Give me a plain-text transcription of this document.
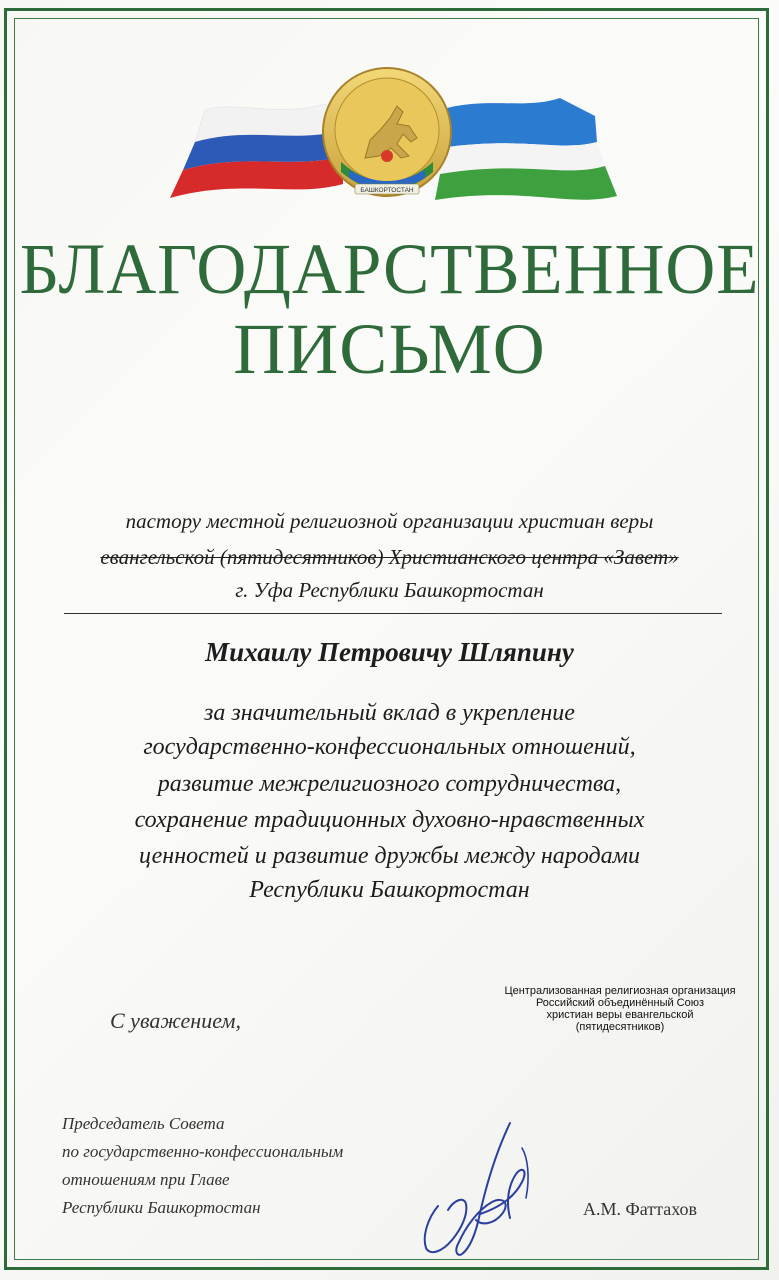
БАШКОРТОСТАН
БЛАГОДАРСТВЕННОЕ
ПИСЬМО
пастору местной религиозной организации христиан веры
евангельской (пятидесятников) Христианского центра «Завет»
г. Уфа Республики Башкортостан
Михаилу Петровичу Шляпину
за значительный вклад в укрепление
государственно-конфессиональных отношений,
развитие межрелигиозного сотрудничества,
сохранение традиционных духовно-нравственных
ценностей и развитие дружбы между народами
Республики Башкортостан
Централизованная религиозная организация
Российский объединённый Союз
христиан веры евангельской
(пятидесятников)
С уважением,
Председатель Совета
по государственно-конфессиональным
отношениям при Главе
Республики Башкортостан	А.М. Фаттахов
